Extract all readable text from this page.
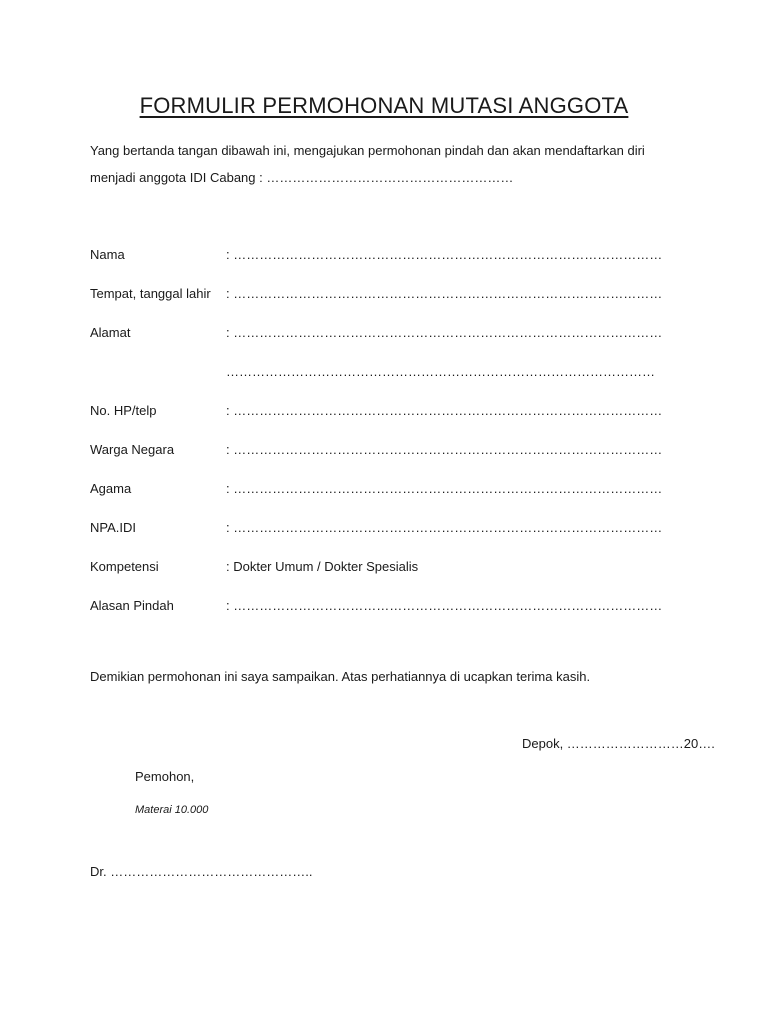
FORMULIR PERMOHONAN MUTASI ANGGOTA
Yang bertanda tangan dibawah ini, mengajukan permohonan pindah dan akan mendaftarkan diri
menjadi anggota IDI Cabang : …………………………………………………
Nama	: ………………………………………………………………………………………
Tempat, tanggal lahir : ………………………………………………………………………………………
Alamat	: ………………………………………………………………………………………
………………………………………………………………………………………
No. HP/telp	: ………………………………………………………………………………………
Warga Negara	: ………………………………………………………………………………………
Agama	: ………………………………………………………………………………………
NPA.IDI	: ………………………………………………………………………………………
Kompetensi	: Dokter Umum / Dokter Spesialis
Alasan Pindah	: ………………………………………………………………………………………
Demikian permohonan ini saya sampaikan. Atas perhatiannya di ucapkan terima kasih.
Depok, ………………………20….
Pemohon,
Materai 10.000
Dr. ………………………………………..
